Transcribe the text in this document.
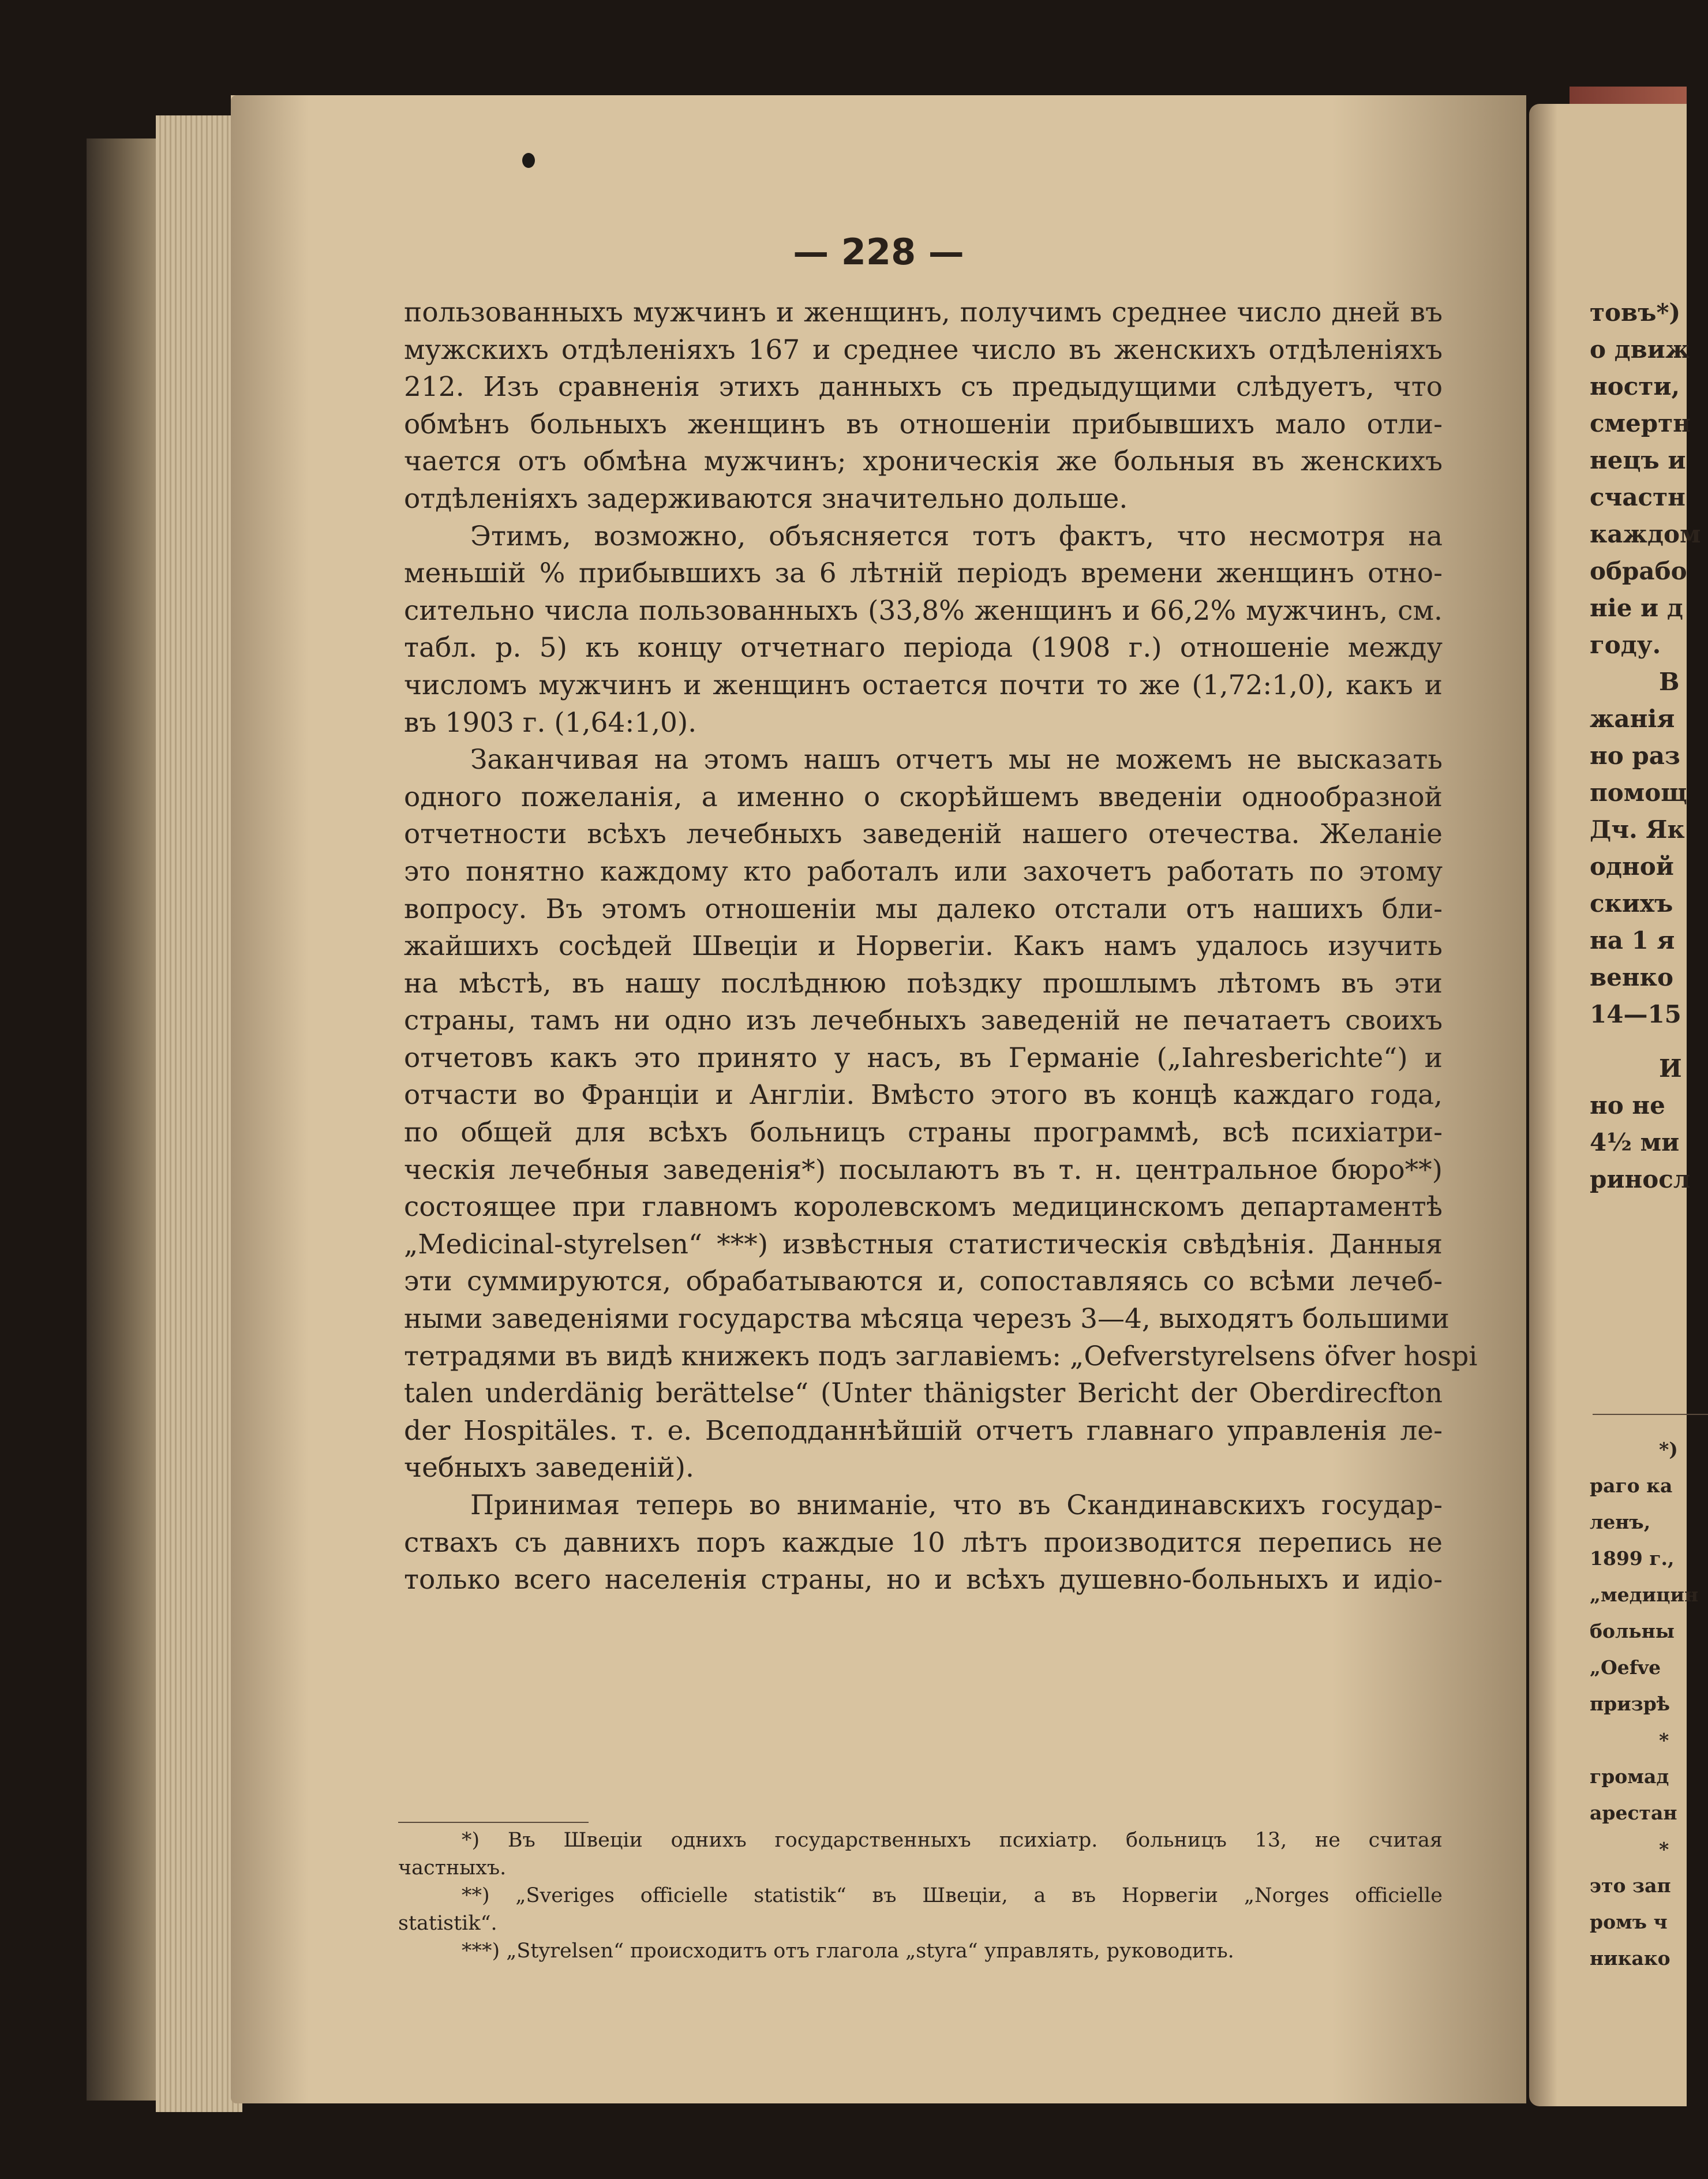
— 228 —
пользованныхъ мужчинъ и женщинъ, получимъ среднее число дней въ
мужскихъ отдѣленiяхъ 167 и среднее число въ женскихъ отдѣленiяхъ
212. Изъ сравненiя этихъ данныхъ съ предыдущими слѣдуетъ, что
обмѣнъ больныхъ женщинъ въ отношенiи прибывшихъ мало отли-
чается отъ обмѣна мужчинъ; хроническiя же больныя въ женскихъ
отдѣленiяхъ задерживаются значительно дольше.
Этимъ, возможно, объясняется тотъ фактъ, что несмотря на
меньшiй % прибывшихъ за 6 лѣтнiй перiодъ времени женщинъ отно-
сительно числа пользованныхъ (33,8% женщинъ и 66,2% мужчинъ, см.
табл. р. 5) къ концу отчетнаго перiода (1908 г.) отношенiе между
числомъ мужчинъ и женщинъ остается почти то же (1,72:1,0), какъ и
въ 1903 г. (1,64:1,0).
Заканчивая на этомъ нашъ отчетъ мы не можемъ не высказать
одного пожеланiя, а именно о скорѣйшемъ введенiи однообразной
отчетности всѣхъ лечебныхъ заведенiй нашего отечества. Желанiе
это понятно каждому кто работалъ или захочетъ работать по этому
вопросу. Въ этомъ отношенiи мы далеко отстали отъ нашихъ бли-
жайшихъ сосѣдей Швецiи и Норвегiи. Какъ намъ удалось изучить
на мѣстѣ, въ нашу послѣднюю поѣздку прошлымъ лѣтомъ въ эти
страны, тамъ ни одно изъ лечебныхъ заведенiй не печатаетъ своихъ
отчетовъ какъ это принято у насъ, въ Германiе („Iahresberichte“) и
отчасти во Францiи и Англiи. Вмѣсто этого въ концѣ каждаго года,
по общей для всѣхъ больницъ страны программѣ, всѣ психiатри-
ческiя лечебныя заведенiя*) посылаютъ въ т. н. центральное бюро**)
состоящее при главномъ королевскомъ медицинскомъ департаментѣ
„Medicinal-styrelsen“ ***) извѣстныя статистическiя свѣдѣнiя. Данныя
эти суммируются, обрабатываются и, сопоставляясь со всѣми лечеб-
ными заведенiями государства мѣсяца черезъ 3—4, выходятъ большими
тетрадями въ видѣ книжекъ подъ заглавiемъ: „Oefverstyrelsens öfver hospi
talen underdänig berättelse“ (Unter thänigster Bericht der Oberdirecfton
der Hospitäles. т. е. Всеподданнѣйшiй отчетъ главнаго управленiя ле-
чебныхъ заведенiй).
Принимая теперь во вниманiе, что въ Скандинавскихъ государ-
ствахъ съ давнихъ поръ каждые 10 лѣтъ производится перепись не
только всего населенiя страны, но и всѣхъ душевно-больныхъ и идiо-
*) Въ Швецiи однихъ государственныхъ психiатр. больницъ 13, не считая
частныхъ.
**) „Sveriges officielle statistik“ въ Швецiи, а въ Норвегiи „Norges officielle
statistik“.
***) „Styrelsen“ происходитъ отъ глагола „styra“ управлять, руководить.
товъ*)
о движ
ности,
смертн
нецъ и
счастн
каждом
обрабо
нiе и д
году.
В
жанiя
но раз
помощ
Дч. Як
одной
скихъ
на 1 я
венко
14—15
И
но не
4½ ми
риносл
*)
раго ка
ленъ,
1899 г.,
„медицин
больны
„Oefve
призрѣ
*
громад
арестан
*
это зап
ромъ ч
никако
